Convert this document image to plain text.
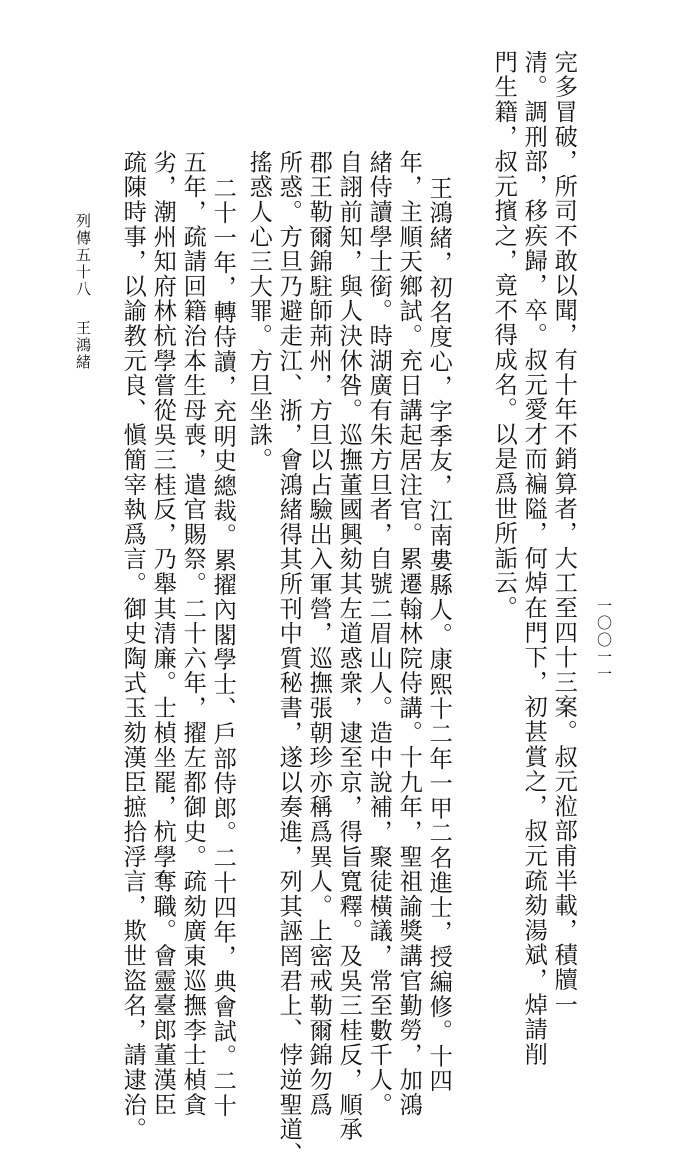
一〇〇一一
完多冒破，所司不敢以聞，有十年不銷算者，大工至四十三案。叔元涖部甫半載，積牘一
清。調刑部，移疾歸，卒。叔元愛才而褊隘，何焯在門下，初甚賞之，叔元疏劾湯斌，焯請削
門生籍，叔元擯之，竟不得成名。以是爲世所詬云。
王鴻緒，初名度心，字季友，江南婁縣人。康熙十二年一甲二名進士，授編修。十四
年，主順天鄉試。充日講起居注官。累遷翰林院侍講。十九年，聖祖諭獎講官勤勞，加鴻
緒侍讀學士銜。時湖廣有朱方旦者，自號二眉山人。造中說補，聚徒橫議，常至數千人。
自詡前知，與人決休咎。巡撫董國興劾其左道惑衆，逮至京，得旨寬釋。及吳三桂反，順承
郡王勒爾錦駐師荊州，方旦以占驗出入軍營，巡撫張朝珍亦稱爲異人。上密戒勒爾錦勿爲
所惑。方旦乃避走江、浙，會鴻緒得其所刊中質秘書，遂以奏進，列其誣罔君上、悖逆聖道、
搖惑人心三大罪。方旦坐誅。
二十一年，轉侍讀，充明史總裁。累擢內閣學士、戶部侍郎。二十四年，典會試。二十
五年，疏請回籍治本生母喪，遣官賜祭。二十六年，擢左都御史。疏劾廣東巡撫李士楨貪
劣，潮州知府林杭學嘗從吳三桂反，乃舉其清廉。士楨坐罷，杭學奪職。會靈臺郎董漢臣
疏陳時事，以諭教元良、愼簡宰執爲言。御史陶式玉劾漢臣摭拾浮言，欺世盜名，請逮治。
列傳五十八
王鴻緒
